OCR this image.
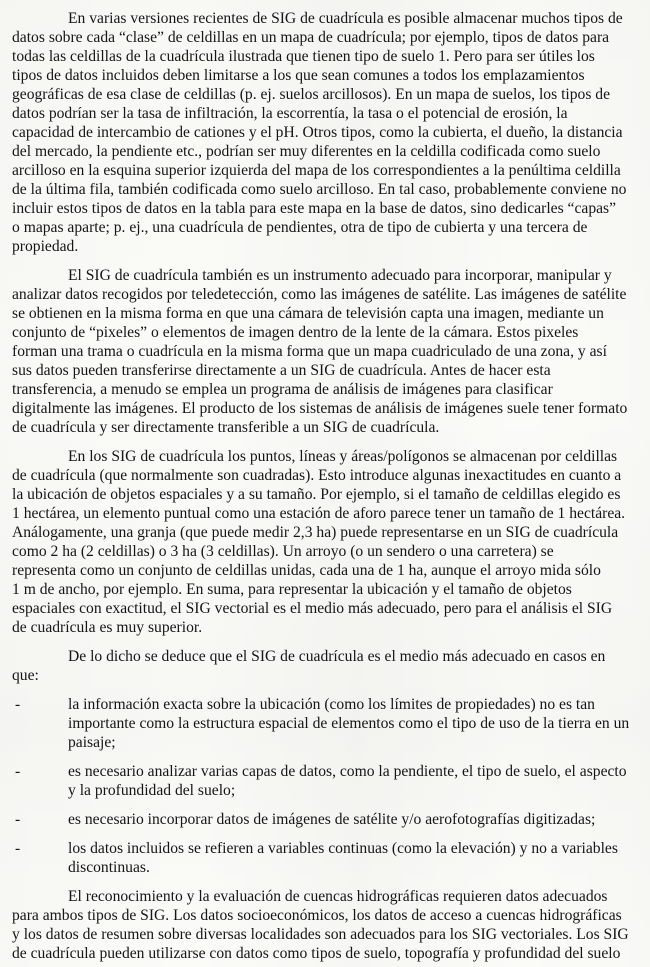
En varias versiones recientes de SIG de cuadrícula es posible almacenar muchos tipos de
datos sobre cada “clase” de celdillas en un mapa de cuadrícula; por ejemplo, tipos de datos para
todas las celdillas de la cuadrícula ilustrada que tienen tipo de suelo 1. Pero para ser útiles los
tipos de datos incluidos deben limitarse a los que sean comunes a todos los emplazamientos
geográficas de esa clase de celdillas (p. ej. suelos arcillosos). En un mapa de suelos, los tipos de
datos podrían ser la tasa de infiltración, la escorrentía, la tasa o el potencial de erosión, la
capacidad de intercambio de cationes y el pH. Otros tipos, como la cubierta, el dueño, la distancia
del mercado, la pendiente etc., podrían ser muy diferentes en la celdilla codificada como suelo
arcilloso en la esquina superior izquierda del mapa de los correspondientes a la penúltima celdilla
de la última fila, también codificada como suelo arcilloso. En tal caso, probablemente conviene no
incluir estos tipos de datos en la tabla para este mapa en la base de datos, sino dedicarles “capas”
o mapas aparte; p. ej., una cuadrícula de pendientes, otra de tipo de cubierta y una tercera de
propiedad.

El SIG de cuadrícula también es un instrumento adecuado para incorporar, manipular y
analizar datos recogidos por teledetección, como las imágenes de satélite. Las imágenes de satélite
se obtienen en la misma forma en que una cámara de televisión capta una imagen, mediante un
conjunto de “pixeles” o elementos de imagen dentro de la lente de la cámara. Estos pixeles
forman una trama o cuadrícula en la misma forma que un mapa cuadriculado de una zona, y así
sus datos pueden transferirse directamente a un SIG de cuadrícula. Antes de hacer esta
transferencia, a menudo se emplea un programa de análisis de imágenes para clasificar
digitalmente las imágenes. El producto de los sistemas de análisis de imágenes suele tener formato
de cuadrícula y ser directamente transferible a un SIG de cuadrícula.

En los SIG de cuadrícula los puntos, líneas y áreas/polígonos se almacenan por celdillas
de cuadrícula (que normalmente son cuadradas). Esto introduce algunas inexactitudes en cuanto a
la ubicación de objetos espaciales y a su tamaño. Por ejemplo, si el tamaño de celdillas elegido es
1 hectárea, un elemento puntual como una estación de aforo parece tener un tamaño de 1 hectárea.
Análogamente, una granja (que puede medir 2,3 ha) puede representarse en un SIG de cuadrícula
como 2 ha (2 celdillas) o 3 ha (3 celdillas). Un arroyo (o un sendero o una carretera) se
representa como un conjunto de celdillas unidas, cada una de 1 ha, aunque el arroyo mida sólo
1 m de ancho, por ejemplo. En suma, para representar la ubicación y el tamaño de objetos
espaciales con exactitud, el SIG vectorial es el medio más adecuado, pero para el análisis el SIG
de cuadrícula es muy superior.

De lo dicho se deduce que el SIG de cuadrícula es el medio más adecuado en casos en
que:

-	la información exacta sobre la ubicación (como los límites de propiedades) no es tan
importante como la estructura espacial de elementos como el tipo de uso de la tierra en un
paisaje;
-	es necesario analizar varias capas de datos, como la pendiente, el tipo de suelo, el aspecto
y la profundidad del suelo;
-	es necesario incorporar datos de imágenes de satélite y/o aerofotografías digitizadas;
-	los datos incluidos se refieren a variables continuas (como la elevación) y no a variables
discontinuas.

El reconocimiento y la evaluación de cuencas hidrográficas requieren datos adecuados
para ambos tipos de SIG. Los datos socioeconómicos, los datos de acceso a cuencas hidrográficas
y los datos de resumen sobre diversas localidades son adecuados para los SIG vectoriales. Los SIG
de cuadrícula pueden utilizarse con datos como tipos de suelo, topografía y profundidad del suelo
